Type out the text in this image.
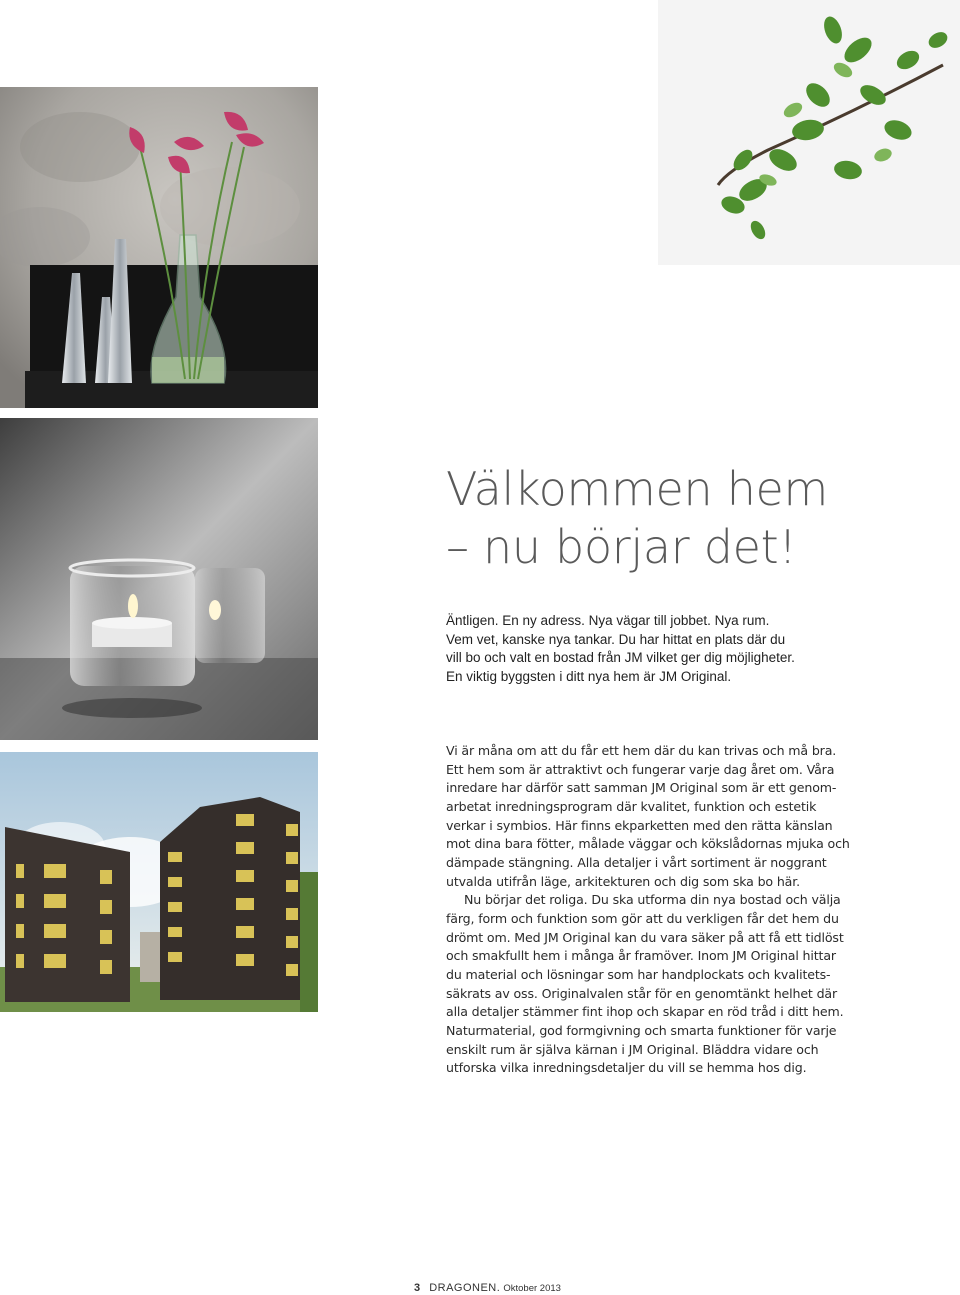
Välkommen hem
– nu börjar det!
Äntligen. En ny adress. Nya vägar till jobbet. Nya rum.
Vem vet, kanske nya tankar. Du har hittat en plats där du
vill bo och valt en bostad från JM vilket ger dig möjligheter.
En viktig byggsten i ditt nya hem är JM Original.
Vi är måna om att du får ett hem där du kan trivas och må bra.
Ett hem som är attraktivt och fungerar varje dag året om. Våra
inredare har därför satt samman JM Original som är ett genom-
arbetat inredningsprogram där kvalitet, funktion och estetik
verkar i symbios. Här finns ekparketten med den rätta känslan
mot dina bara fötter, målade väggar och kökslådornas mjuka och
dämpade stängning. Alla detaljer i vårt sortiment är noggrant
utvalda utifrån läge, arkitekturen och dig som ska bo här.
Nu börjar det roliga. Du ska utforma din nya bostad och välja
färg, form och funktion som gör att du verkligen får det hem du
drömt om. Med JM Original kan du vara säker på att få ett tidlöst
och smakfullt hem i många år framöver. Inom JM Original hittar
du material och lösningar som har handplockats och kvalitets-
säkrats av oss. Originalvalen står för en genomtänkt helhet där
alla detaljer stämmer fint ihop och skapar en röd tråd i ditt hem.
Naturmaterial, god formgivning och smarta funktioner för varje
enskilt rum är själva kärnan i JM Original. Bläddra vidare och
utforska vilka inredningsdetaljer du vill se hemma hos dig.
3 DRAGONEN. Oktober 2013
